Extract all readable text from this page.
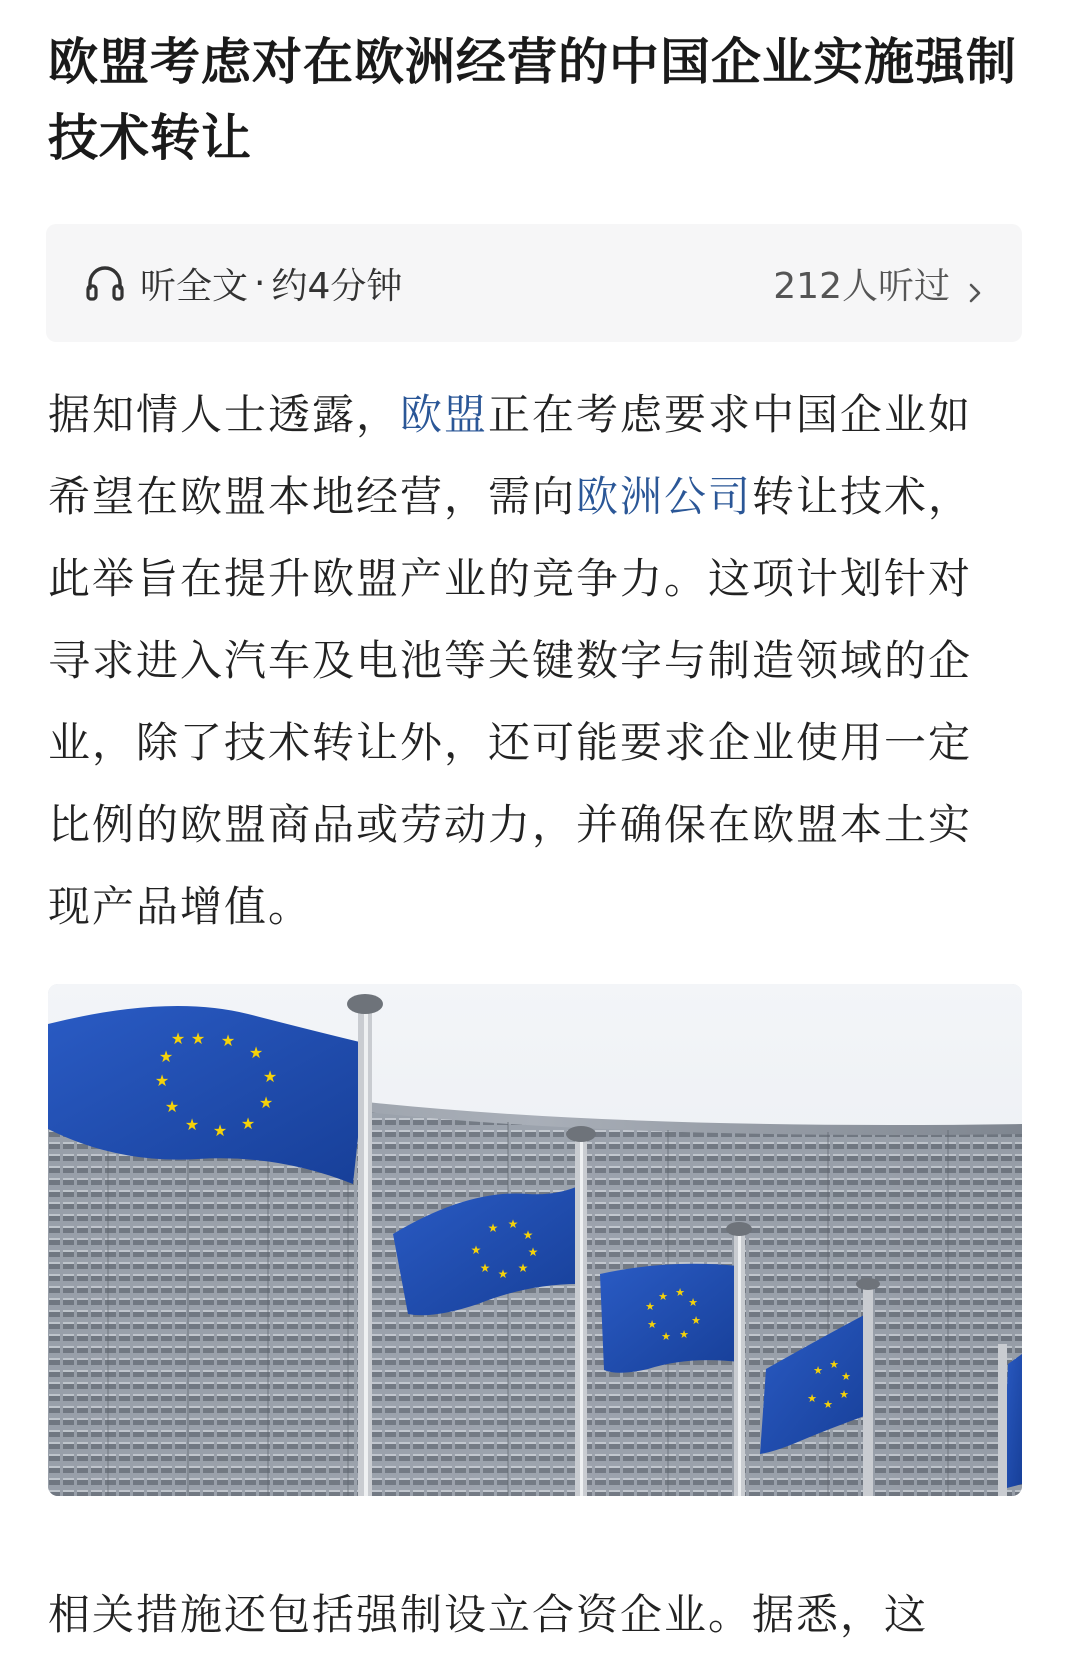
欧盟考虑对在欧洲经营的中国企业实施强制技术转让
听全文 · 约4分钟	212人听过

据知情人士透露，欧盟正在考虑要求中国企业如希望在欧盟本地经营，需向欧洲公司转让技术，此举旨在提升欧盟产业的竞争力。这项计划针对寻求进入汽车及电池等关键数字与制造领域的企业，除了技术转让外，还可能要求企业使用一定比例的欧盟商品或劳动力，并确保在欧盟本土实现产品增值。

★ ★
★
★
★
★
★
★
★
★
★
★
★ ★
★
★
★
★
★
★
★ ★
★
★
★
★
★
★
★ ★
★
★
★
★

相关措施还包括强制设立合资企业。据悉，这
